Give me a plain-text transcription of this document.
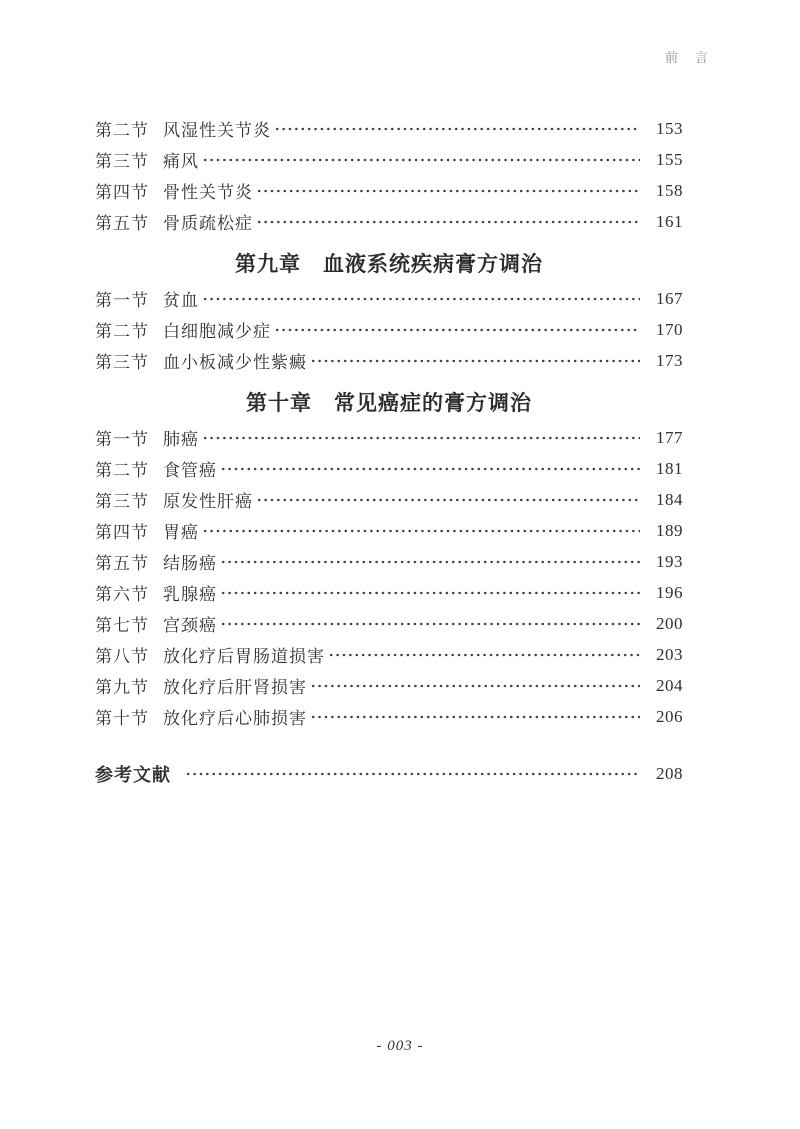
前　言
第二节 风湿性关节炎	153
第三节 痛风	155
第四节 骨性关节炎	158
第五节 骨质疏松症	161
第九章　血液系统疾病膏方调治
第一节 贫血	167
第二节 白细胞减少症	170
第三节 血小板减少性紫癜	173
第十章　常见癌症的膏方调治
第一节 肺癌	177
第二节 食管癌	181
第三节 原发性肝癌	184
第四节 胃癌	189
第五节 结肠癌	193
第六节 乳腺癌	196
第七节 宫颈癌	200
第八节 放化疗后胃肠道损害	203
第九节 放化疗后肝肾损害	204
第十节 放化疗后心肺损害	206
参考文献	208
- 003 -
